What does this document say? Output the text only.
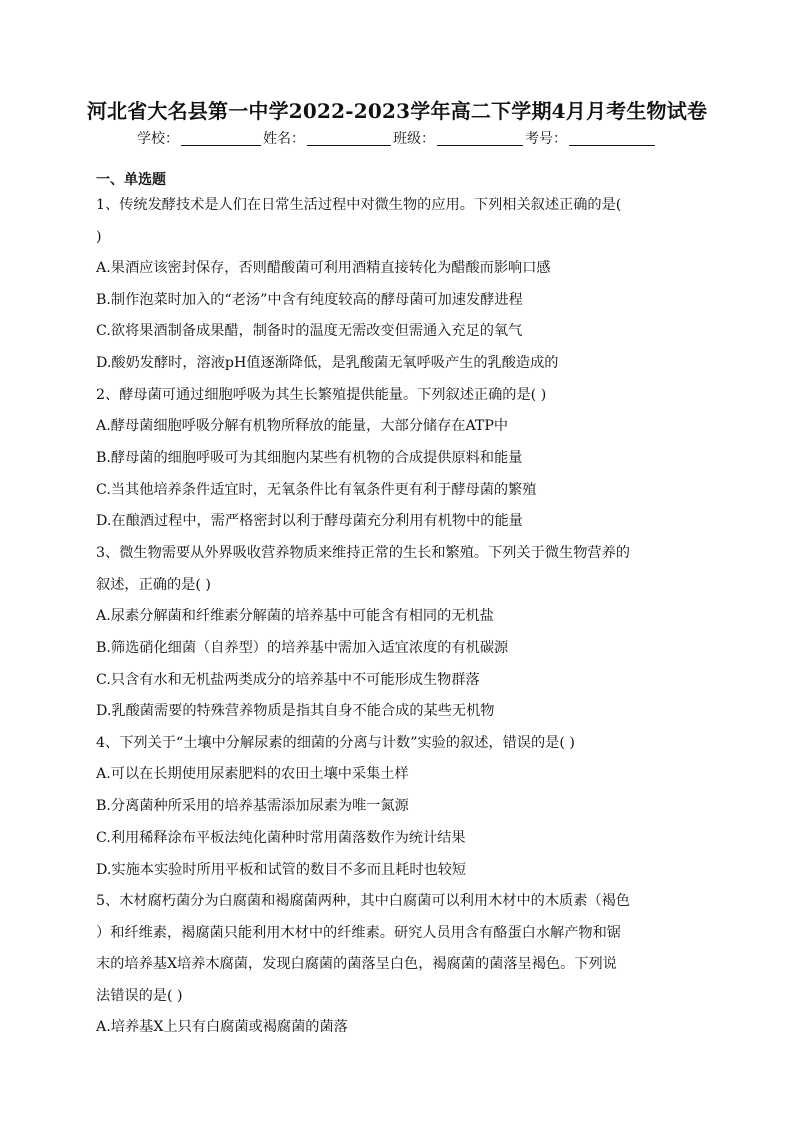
河北省大名县第一中学2022-2023学年高二下学期4月月考生物试卷
学校：	姓名：	班级：	考号：
一、单选题
1、传统发酵技术是人们在日常生活过程中对微生物的应用。下列相关叙述正确的是(
)
A.果酒应该密封保存，否则醋酸菌可利用酒精直接转化为醋酸而影响口感
B.制作泡菜时加入的“老汤”中含有纯度较高的酵母菌可加速发酵进程
C.欲将果酒制备成果醋，制备时的温度无需改变但需通入充足的氧气
D.酸奶发酵时，溶液pH值逐渐降低，是乳酸菌无氧呼吸产生的乳酸造成的
2、酵母菌可通过细胞呼吸为其生长繁殖提供能量。下列叙述正确的是( )
A.酵母菌细胞呼吸分解有机物所释放的能量，大部分储存在ATP中
B.酵母菌的细胞呼吸可为其细胞内某些有机物的合成提供原料和能量
C.当其他培养条件适宜时，无氧条件比有氧条件更有利于酵母菌的繁殖
D.在酿酒过程中，需严格密封以利于酵母菌充分利用有机物中的能量
3、微生物需要从外界吸收营养物质来维持正常的生长和繁殖。下列关于微生物营养的
叙述，正确的是( )
A.尿素分解菌和纤维素分解菌的培养基中可能含有相同的无机盐
B.筛选硝化细菌（自养型）的培养基中需加入适宜浓度的有机碳源
C.只含有水和无机盐两类成分的培养基中不可能形成生物群落
D.乳酸菌需要的特殊营养物质是指其自身不能合成的某些无机物
4、下列关于“土壤中分解尿素的细菌的分离与计数”实验的叙述，错误的是( )
A.可以在长期使用尿素肥料的农田土壤中采集土样
B.分离菌种所采用的培养基需添加尿素为唯一氮源
C.利用稀释涂布平板法纯化菌种时常用菌落数作为统计结果
D.实施本实验时所用平板和试管的数目不多而且耗时也较短
5、木材腐朽菌分为白腐菌和褐腐菌两种，其中白腐菌可以利用木材中的木质素（褐色
）和纤维素，褐腐菌只能利用木材中的纤维素。研究人员用含有酪蛋白水解产物和锯
末的培养基X培养木腐菌，发现白腐菌的菌落呈白色，褐腐菌的菌落呈褐色。下列说
法错误的是( )
A.培养基X上只有白腐菌或褐腐菌的菌落
